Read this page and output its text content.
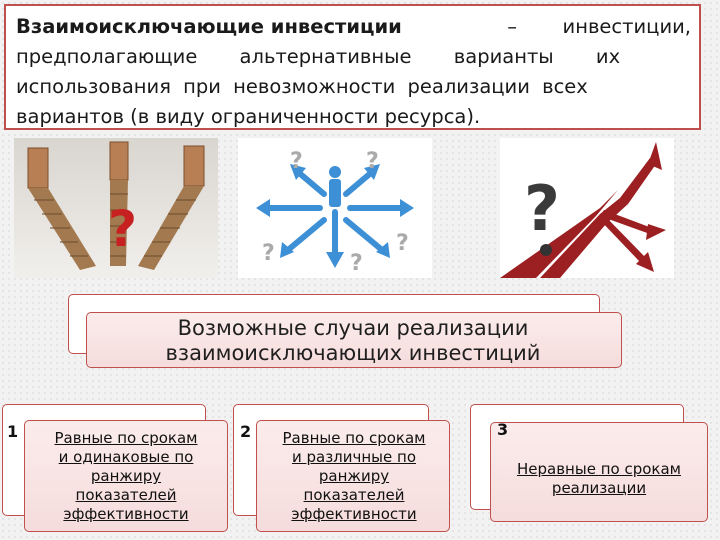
Взаимоисключающие инвестиции	– инвестиции,
предполагающие альтернативные варианты их
использования при невозможности реализации всех
вариантов (в виду ограниченности ресурса).
?
?	?
?	?
?
?
Возможные случаи реализации
взаимоисключающих инвестиций
1	Равные по срокам
и одинаковые по
ранжиру
показателей
эффективности
2	Равные по срокам
и различные по
ранжиру
показателей
эффективности
3
Неравные по срокам
реализации
